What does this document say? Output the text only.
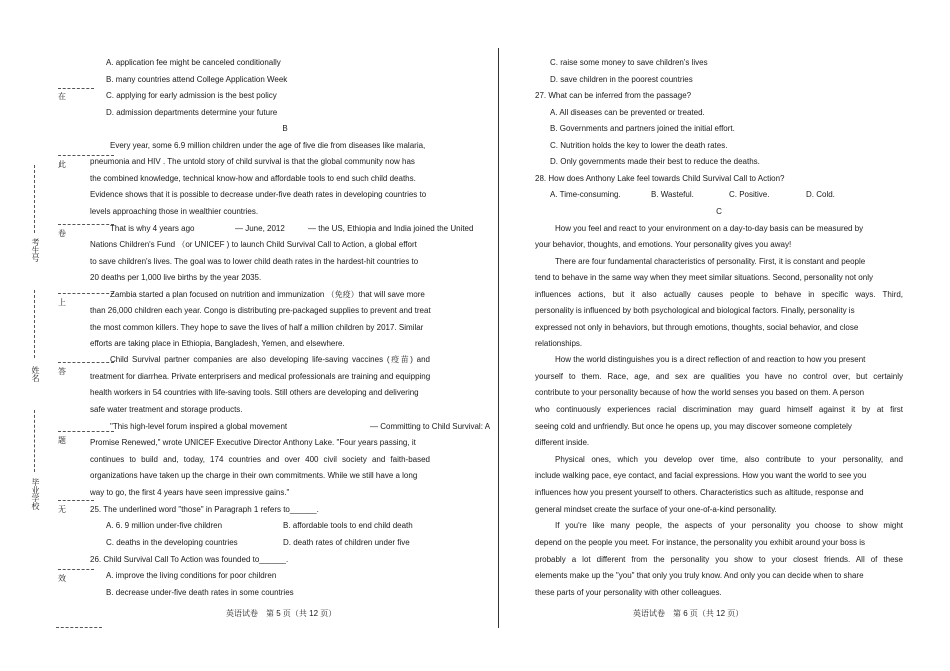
在
此
卷
上
答
题
无
效
考生号
姓名
毕业学校
A. application fee might be canceled conditionally
B. many countries attend College Application Week
C. applying for early admission is the best policy
D. admission departments determine your future
B
Every year, some 6.9 million children under the age of five die from diseases like malaria,
pneumonia and HIV . The untold story of child survival is that the global community now has
the combined knowledge, technical know-how and affordable tools to end such child deaths.
Evidence shows that it is possible to decrease under-five death rates in developing countries to
levels approaching those in wealthier countries.
That is why 4 years ago	— June, 2012	— the US, Ethiopia and India joined the United
Nations Children's Fund （or UNICEF ) to launch Child Survival Call to Action, a global effort
to save children's lives. The goal was to lower child death rates in the hardest-hit countries to
20 deaths per 1,000 live births by the year 2035.
Zambia started a plan focused on nutrition and immunization （免疫）that will save more
than 26,000 children each year. Congo is distributing pre-packaged supplies to prevent and treat
the most common killers. They hope to save the lives of half a million children by 2017. Similar
efforts are taking place in Ethiopia, Bangladesh, Yemen, and elsewhere.
Child Survival partner companies are also developing life-saving vaccines (疫苗) and
treatment for diarrhea. Private enterprisers and medical professionals are training and equipping
health workers in 54 countries with life-saving tools. Still others are developing and delivering
safe water treatment and storage products.
"This high-level forum inspired a global movement	— Committing to Child Survival: A
Promise Renewed," wrote UNICEF Executive Director Anthony Lake. "Four years passing, it
continues to build and, today, 174 countries and over 400 civil society and faith-based
organizations have taken up the charge in their own commitments. While we still have a long
way to go, the first 4 years have seen impressive gains."
25. The underlined word "those" in Paragraph 1 refers to______.
A. 6. 9 million under-five children	B. affordable tools to end child death
C. deaths in the developing countries	D. death rates of children under five
26. Child Survival Call To Action was founded to______.
A. improve the living conditions for poor children
B. decrease under-five death rates in some countries
英语试卷　第 5 页（共 12 页）
C. raise some money to save children's lives
D. save children in the poorest countries
27. What can be inferred from the passage?
A. All diseases can be prevented or treated.
B. Governments and partners joined the initial effort.
C. Nutrition holds the key to lower the death rates.
D. Only governments made their best to reduce the deaths.
28. How does Anthony Lake feel towards Child Survival Call to Action?
A. Time-consuming.	B. Wasteful.	C. Positive.	D. Cold.
C
How you feel and react to your environment on a day-to-day basis can be measured by
your behavior, thoughts, and emotions. Your personality gives you away!
There are four fundamental characteristics of personality. First, it is constant and people
tend to behave in the same way when they meet similar situations. Second, personality not only
influences actions, but it also actually causes people to behave in specific ways. Third,
personality is influenced by both psychological and biological factors. Finally, personality is
expressed not only in behaviors, but through emotions, thoughts, social behavior, and close
relationships.
How the world distinguishes you is a direct reflection of and reaction to how you present
yourself to them. Race, age, and sex are qualities you have no control over, but certainly
contribute to your personality because of how the world senses you based on them. A person
who continuously experiences racial discrimination may guard himself against it by at first
seeing cold and unfriendly. But once he opens up, you may discover someone completely
different inside.
Physical ones, which you develop over time, also contribute to your personality, and
include walking pace, eye contact, and facial expressions. How you want the world to see you
influences how you present yourself to others. Characteristics such as altitude, response and
general mindset create the surface of your one-of-a-kind personality.
If you're like many people, the aspects of your personality you choose to show might
depend on the people you meet. For instance, the personality you exhibit around your boss is
probably a lot different from the personality you show to your closest friends. All of these
elements make up the "you" that only you truly know. And only you can decide when to share
these parts of your personality with other colleagues.
英语试卷　第 6 页（共 12 页）
